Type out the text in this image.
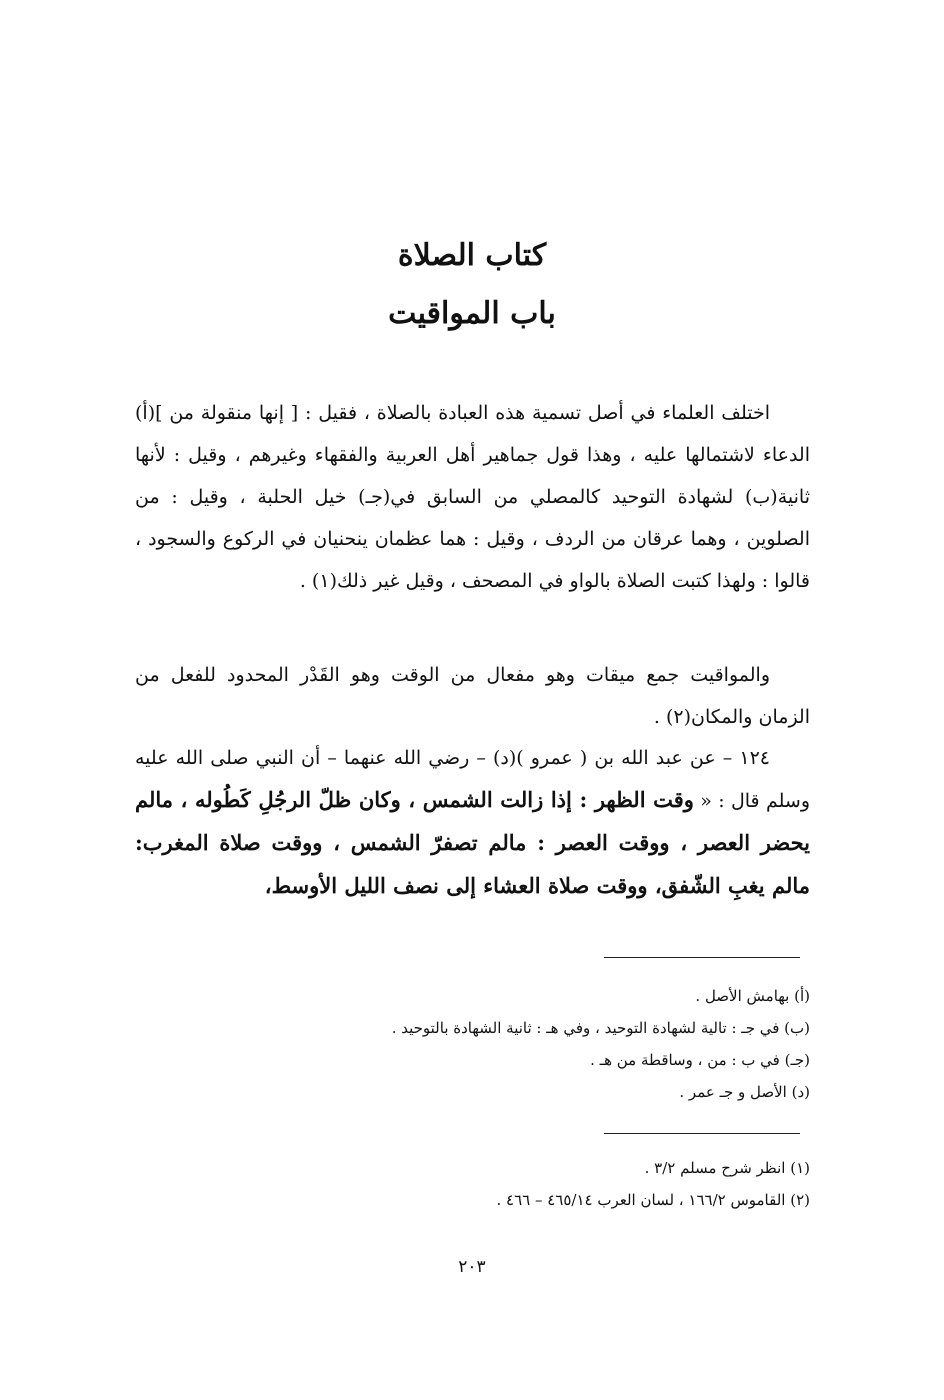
كتاب الصلاة
باب المواقيت

اختلف العلماء في أصل تسمية هذه العبادة بالصلاة ، فقيل : [ إنها منقولة من ](أ) الدعاء لاشتمالها عليه ، وهذا قول جماهير أهل العربية والفقهاء وغيرهم ، وقيل : لأنها ثانية(ب) لشهادة التوحيد كالمصلي من السابق في(جـ) خيل الحلبة ، وقيل : من الصلوين ، وهما عرقان من الردف ، وقيل : هما عظمان ينحنيان في الركوع والسجود ، قالوا : ولهذا كتبت الصلاة بالواو في المصحف ، وقيل غير ذلك(١) .

والمواقيت جمع ميقات وهو مفعال من الوقت وهو القَدْر المحدود للفعل من الزمان والمكان(٢) .

١٢٤ – عن عبد الله بن ( عمرو )(د) – رضي الله عنهما – أن النبي صلى الله عليه وسلم قال : « وقت الظهر : إذا زالت الشمس ، وكان ظلّ الرجُلِ كَطُوله ، مالم يحضر العصر ، ووقت العصر : مالم تصفرّ الشمس ، ووقت صلاة المغرب: مالم يغبِ الشّفق، ووقت صلاة العشاء إلى نصف الليل الأوسط،

(أ) بهامش الأصل .
(ب) في جـ : تالية لشهادة التوحيد ، وفي هـ : ثانية الشهادة بالتوحيد .
(جـ) في ب : من ، وساقطة من هـ .
(د) الأصل و جـ عمر .
(١) انظر شرح مسلم ٣/٢ .
(٢) القاموس ١٦٦/٢ ، لسان العرب ٤٦٥/١٤ – ٤٦٦ .
٢٠٣
